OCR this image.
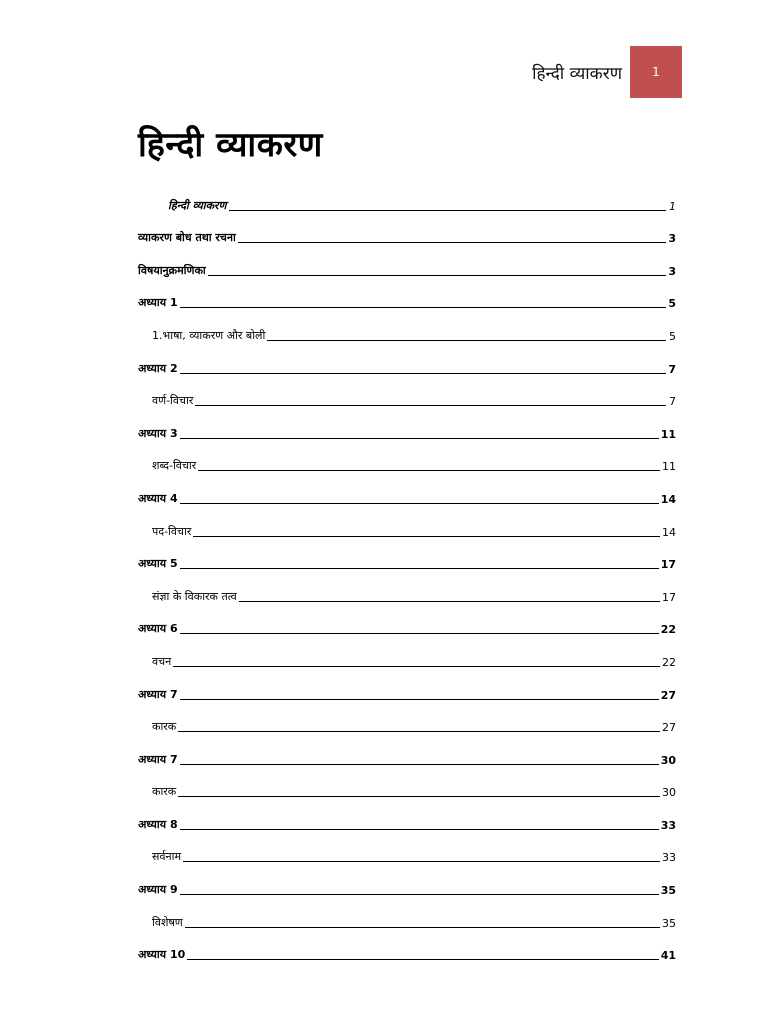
हिन्दी व्याकरण	1
हिन्दी व्याकरण
हिन्दी व्याकरण	1
व्याकरण बोध तथा रचना	3
विषयानुक्रमणिका	3
अध्याय 1	5
1.भाषा, व्याकरण और बोली	5
अध्याय 2	7
वर्ण-विचार	7
अध्याय 3	11
शब्द-विचार	11
अध्याय 4	14
पद-विचार	14
अध्याय 5	17
संज्ञा के विकारक तत्व	17
अध्याय 6	22
वचन	22
अध्याय 7	27
कारक	27
अध्याय 7	30
कारक	30
अध्याय 8	33
सर्वनाम	33
अध्याय 9	35
विशेषण	35
अध्याय 10	41
